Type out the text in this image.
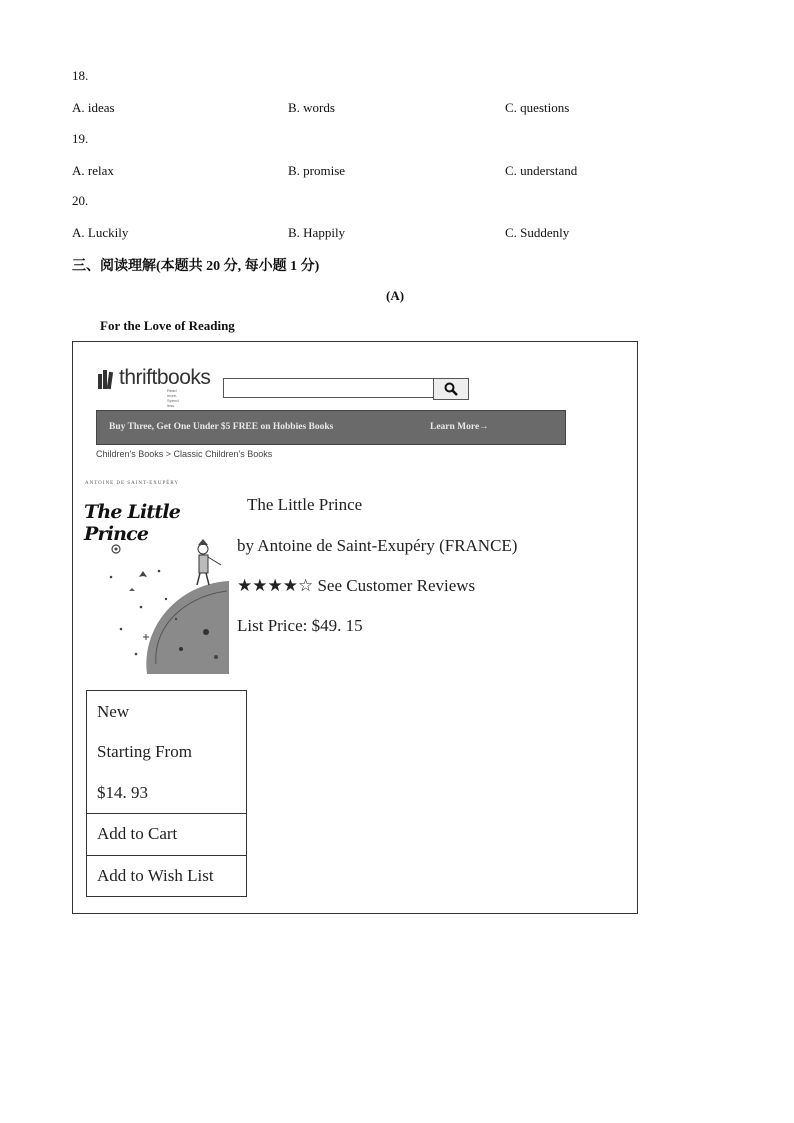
18.
A. ideas	B. words	C. questions
19.
A. relax	B. promise	C. understand
20.
A. Luckily	B. Happily	C. Suddenly
三、阅读理解(本题共 20 分, 每小题 1 分)
(A)
For the Love of Reading
thriftbooks
Read more. Spend less.
Buy Three, Get One Under $5 FREE on Hobbies Books	Learn More→
Children's Books > Classic Children's Books
ANTOINE DE SAINT-EXUPÉRY
The Little Prince
The Little Prince
by Antoine de Saint-Exupéry (FRANCE)
★★★★☆ See Customer Reviews
List Price: $49. 15
New
Starting From
$14. 93
Add to Cart
Add to Wish List
